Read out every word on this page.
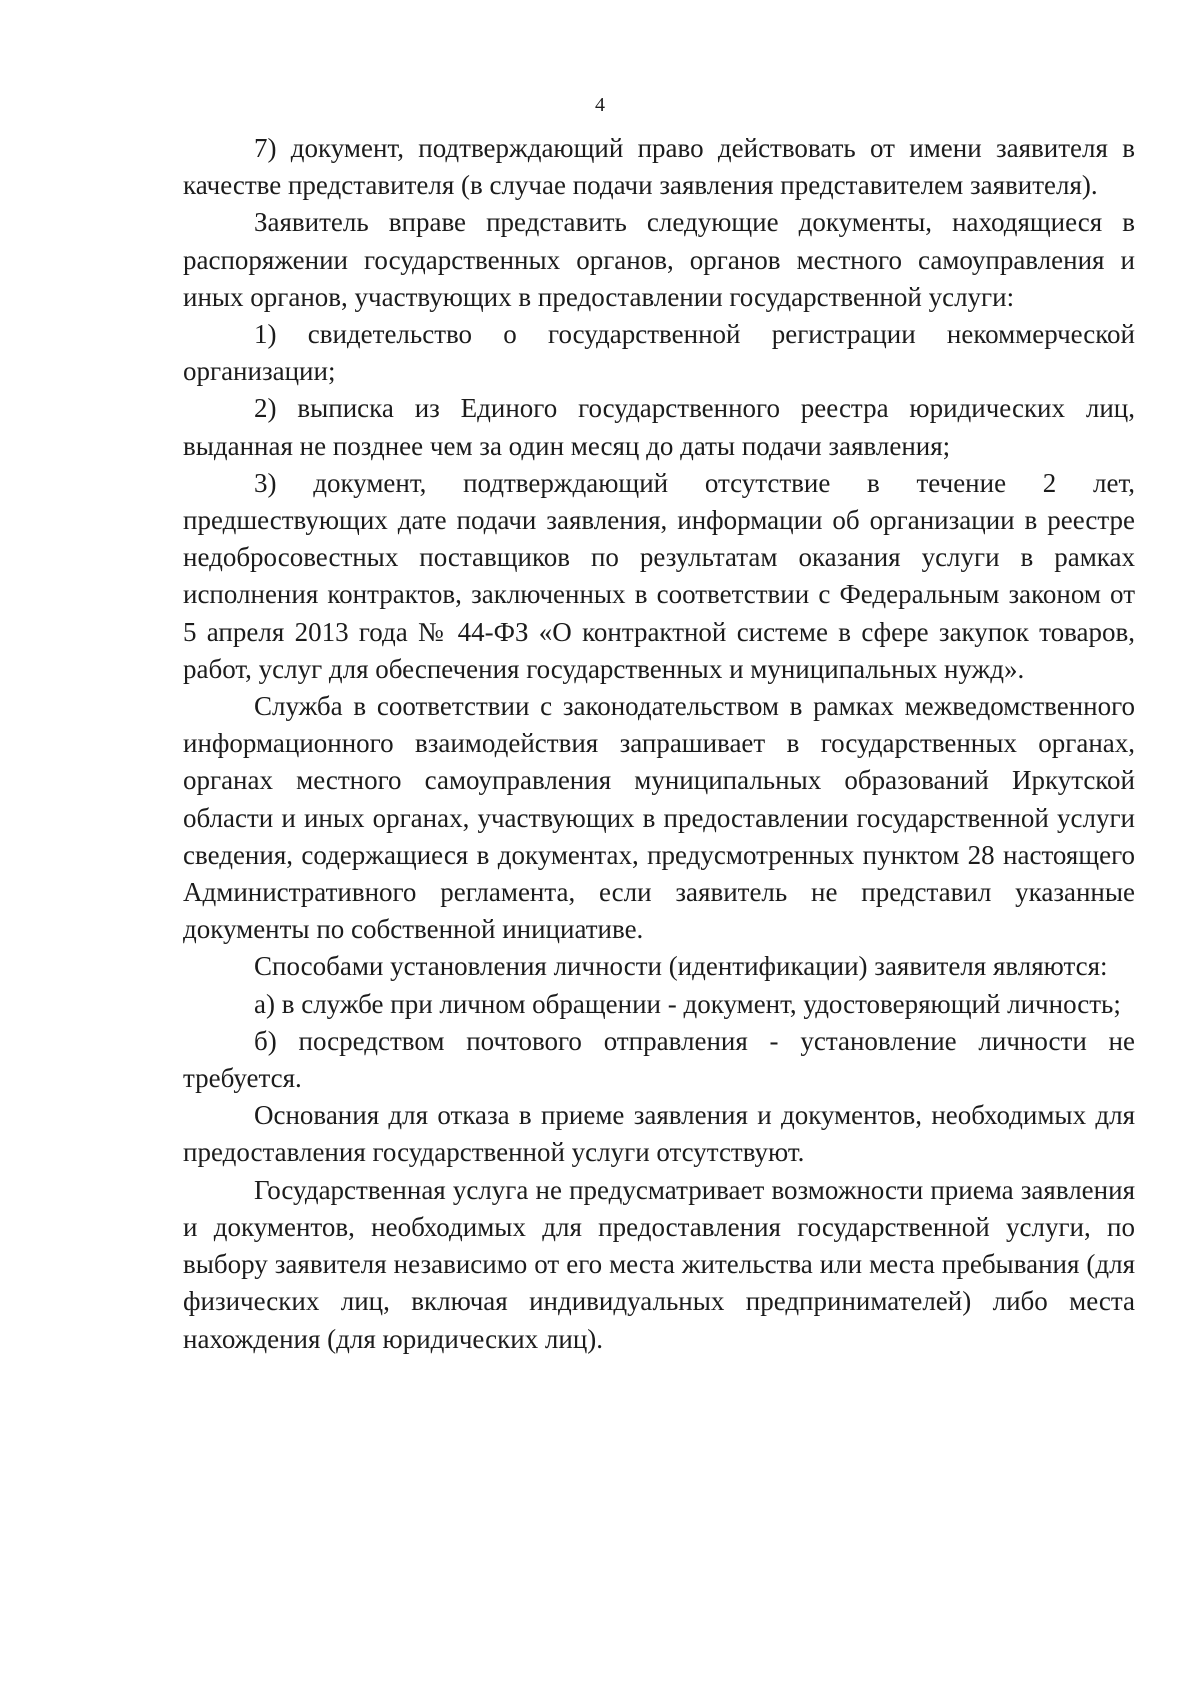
4

7) документ, подтверждающий право действовать от имени заявителя в качестве представителя (в случае подачи заявления представителем заявителя).

Заявитель вправе представить следующие документы, находящиеся в распоряжении государственных органов, органов местного самоуправления и иных органов, участвующих в предоставлении государственной услуги:

1) свидетельство о государственной регистрации некоммерческой организации;

2) выписка из Единого государственного реестра юридических лиц, выданная не позднее чем за один месяц до даты подачи заявления;

3) документ, подтверждающий отсутствие в течение 2 лет, предшествующих дате подачи заявления, информации об организации в реестре недобросовестных поставщиков по результатам оказания услуги в рамках исполнения контрактов, заключенных в соответствии с Федеральным законом от 5 апреля 2013 года № 44-ФЗ «О контрактной системе в сфере закупок товаров, работ, услуг для обеспечения государственных и муниципальных нужд».

Служба в соответствии с законодательством в рамках межведомственного информационного взаимодействия запрашивает в государственных органах, органах местного самоуправления муниципальных образований Иркутской области и иных органах, участвующих в предоставлении государственной услуги сведения, содержащиеся в документах, предусмотренных пунктом 28 настоящего Административного регламента, если заявитель не представил указанные документы по собственной инициативе.

Способами установления личности (идентификации) заявителя являются:

а) в службе при личном обращении - документ, удостоверяющий личность;

б) посредством почтового отправления - установление личности не требуется.

Основания для отказа в приеме заявления и документов, необходимых для предоставления государственной услуги отсутствуют.

Государственная услуга не предусматривает возможности приема заявления и документов, необходимых для предоставления государственной услуги, по выбору заявителя независимо от его места жительства или места пребывания (для физических лиц, включая индивидуальных предпринимателей) либо места нахождения (для юридических лиц).
